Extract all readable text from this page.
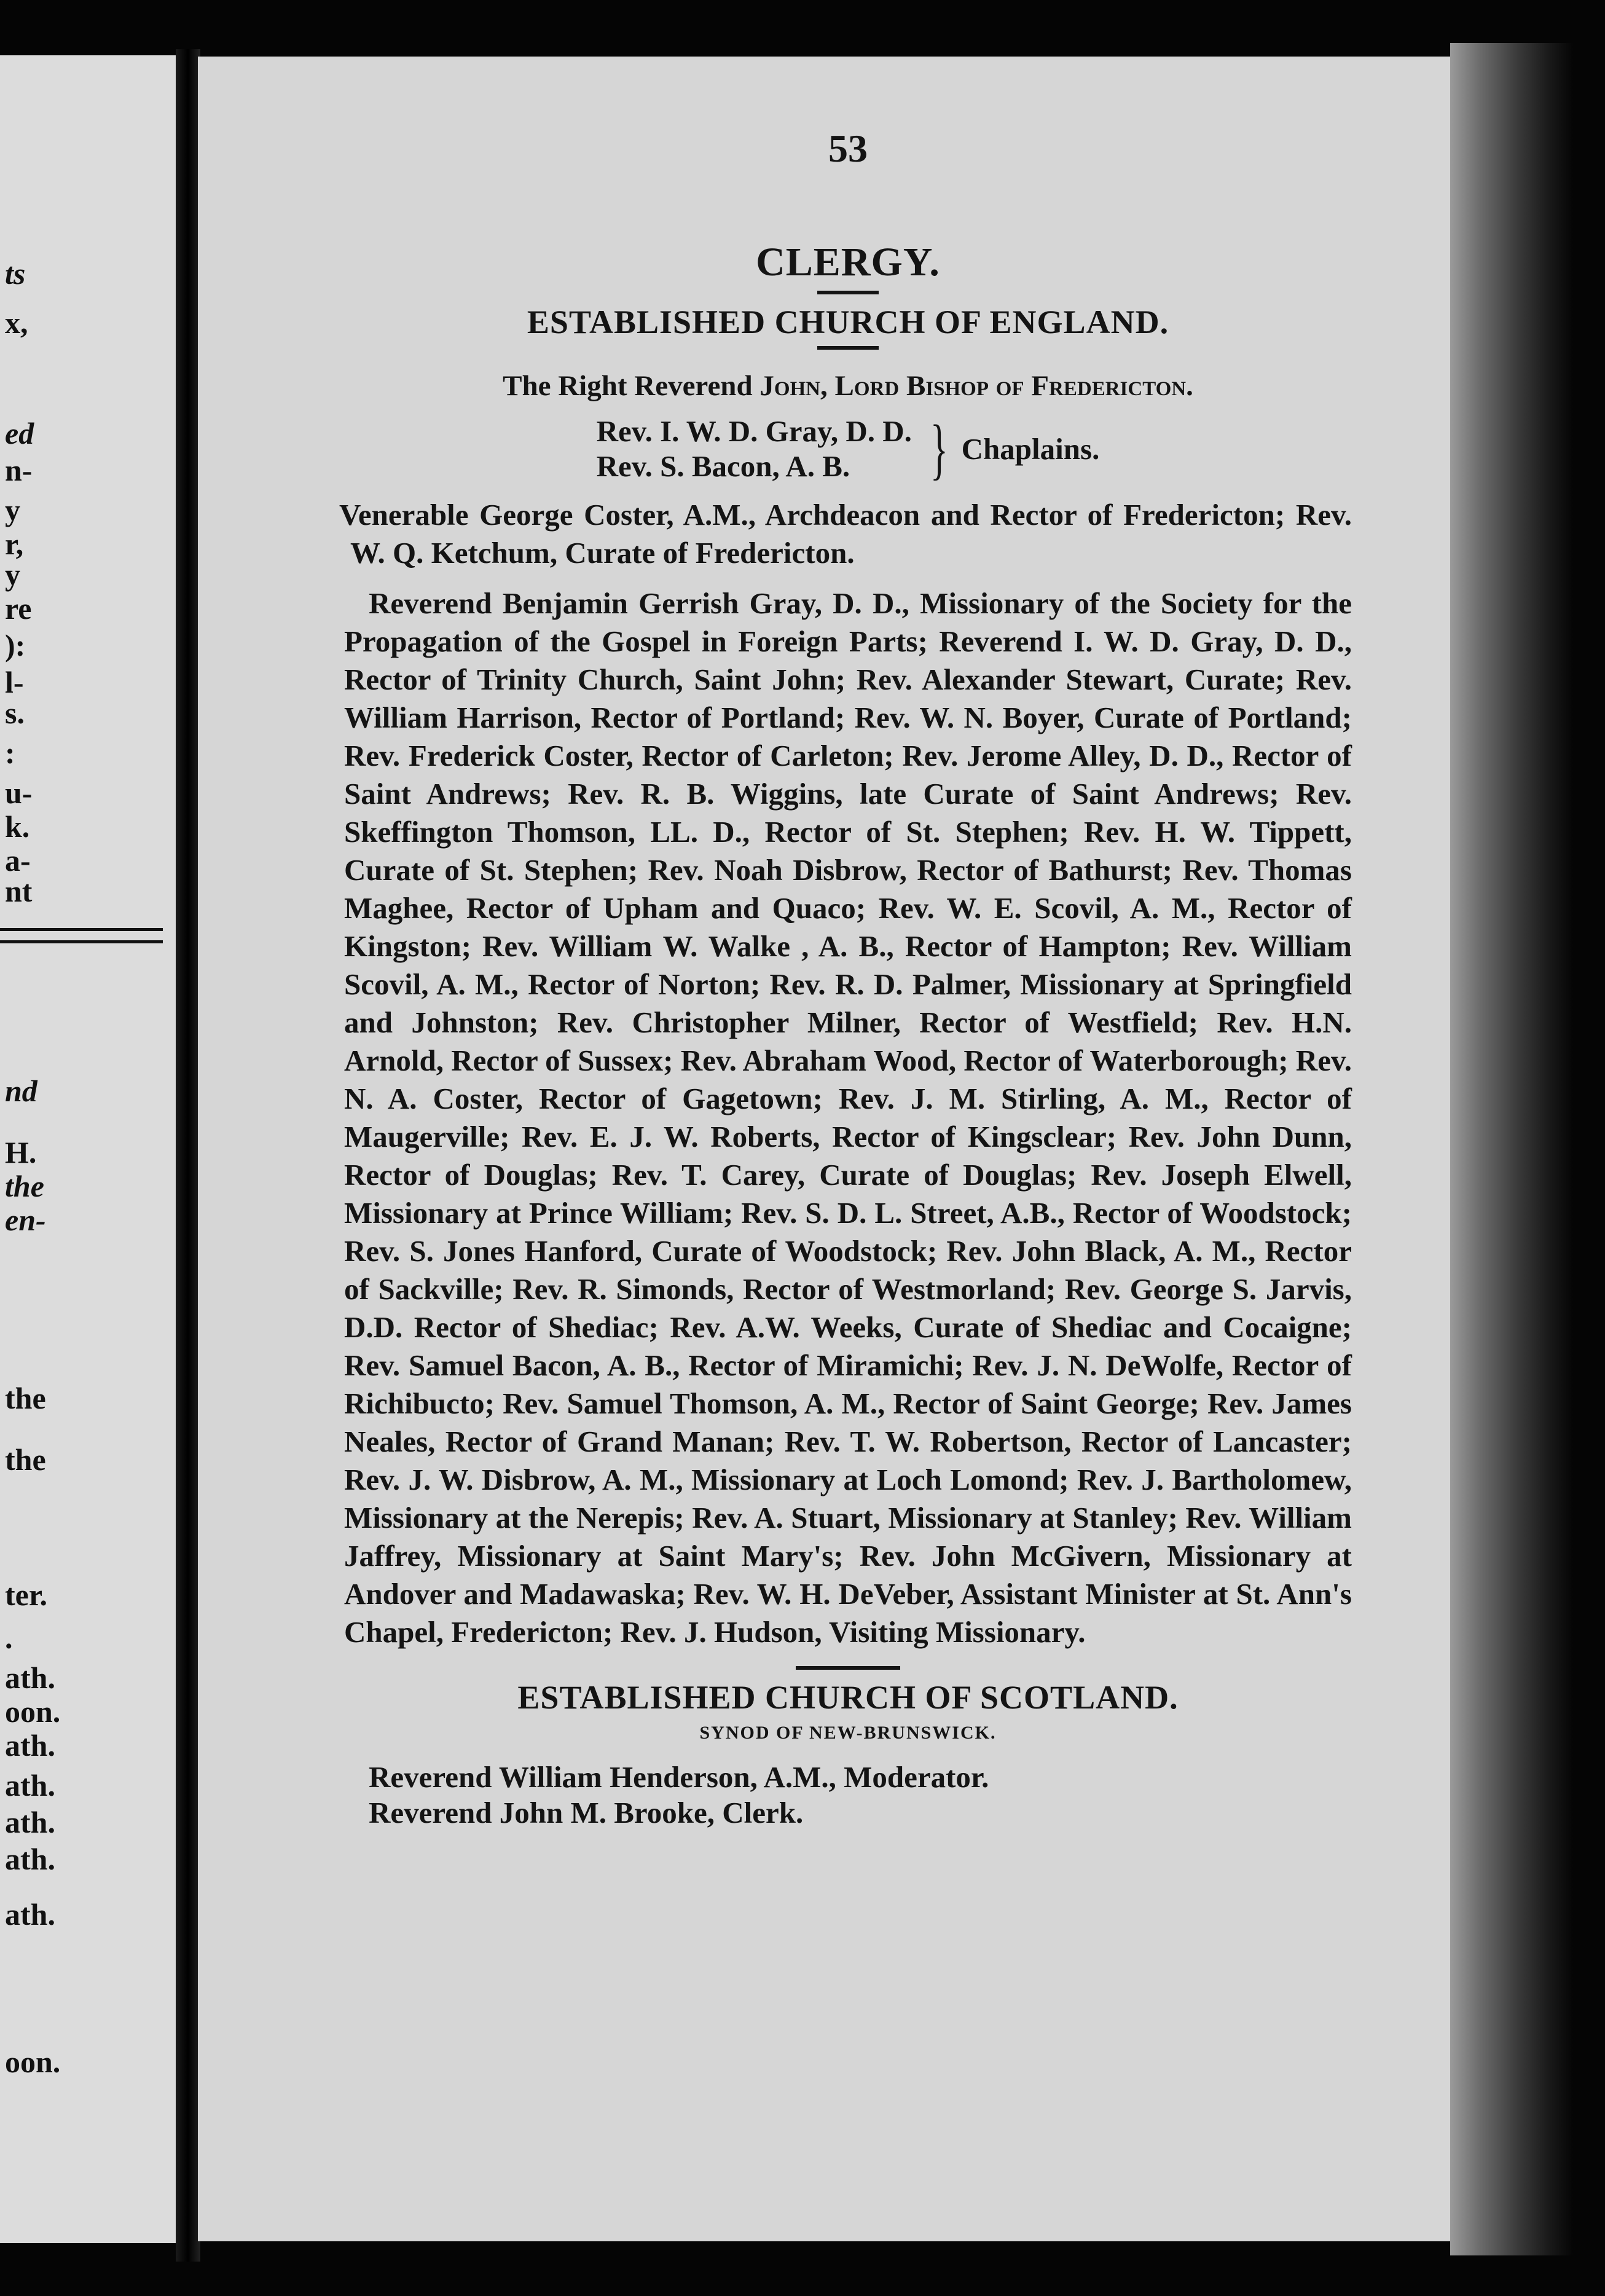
ts
x,
ed
n-
y
r,
y
re
):
l-
s.
:
u-
k.
a-
nt
nd
H.
the
en-
the
the
ter.
.
ath.
oon.
ath.
ath.
ath.
ath.
ath.
oon.

53

CLERGY.

ESTABLISHED CHURCH OF ENGLAND.

The Right Reverend John, Lord Bishop of Fredericton.

Rev. I. W. D. Gray, D. D.
Rev. S. Bacon, A. B.	} Chaplains.

Venerable George Coster, A.M., Archdeacon and Rector of Fredericton; Rev. W. Q. Ketchum, Curate of Fredericton.

Reverend Benjamin Gerrish Gray, D. D., Missionary of the Society for the Propagation of the Gospel in Foreign Parts; Reverend I. W. D. Gray, D. D., Rector of Trinity Church, Saint John; Rev. Alexander Stewart, Curate; Rev. William Harrison, Rector of Portland; Rev. W. N. Boyer, Curate of Portland; Rev. Frederick Coster, Rector of Carleton; Rev. Jerome Alley, D. D., Rector of Saint Andrews; Rev. R. B. Wiggins, late Curate of Saint Andrews; Rev. Skeffington Thomson, LL. D., Rector of St. Stephen; Rev. H. W. Tippett, Curate of St. Stephen; Rev. Noah Disbrow, Rector of Bathurst; Rev. Thomas Maghee, Rector of Upham and Quaco; Rev. W. E. Scovil, A. M., Rector of Kingston; Rev. William W. Walke , A. B., Rector of Hampton; Rev. William Scovil, A. M., Rector of Norton; Rev. R. D. Palmer, Missionary at Springfield and Johnston; Rev. Christopher Milner, Rector of Westfield; Rev. H.N. Arnold, Rector of Sussex; Rev. Abraham Wood, Rector of Waterborough; Rev. N. A. Coster, Rector of Gagetown; Rev. J. M. Stirling, A. M., Rector of Maugerville; Rev. E. J. W. Roberts, Rector of Kingsclear; Rev. John Dunn, Rector of Douglas; Rev. T. Carey, Curate of Douglas; Rev. Joseph Elwell, Missionary at Prince William; Rev. S. D. L. Street, A.B., Rector of Woodstock; Rev. S. Jones Hanford, Curate of Woodstock; Rev. John Black, A. M., Rector of Sackville; Rev. R. Simonds, Rector of Westmorland; Rev. George S. Jarvis, D.D. Rector of Shediac; Rev. A.W. Weeks, Curate of Shediac and Cocaigne; Rev. Samuel Bacon, A. B., Rector of Miramichi; Rev. J. N. DeWolfe, Rector of Richibucto; Rev. Samuel Thomson, A. M., Rector of Saint George; Rev. James Neales, Rector of Grand Manan; Rev. T. W. Robertson, Rector of Lancaster; Rev. J. W. Disbrow, A. M., Missionary at Loch Lomond; Rev. J. Bartholomew, Missionary at the Nerepis; Rev. A. Stuart, Missionary at Stanley; Rev. William Jaffrey, Missionary at Saint Mary's; Rev. John McGivern, Missionary at Andover and Madawaska; Rev. W. H. DeVeber, Assistant Minister at St. Ann's Chapel, Fredericton; Rev. J. Hudson, Visiting Missionary.

ESTABLISHED CHURCH OF SCOTLAND.

SYNOD OF NEW-BRUNSWICK.

Reverend William Henderson, A.M., Moderator.

Reverend John M. Brooke, Clerk.
